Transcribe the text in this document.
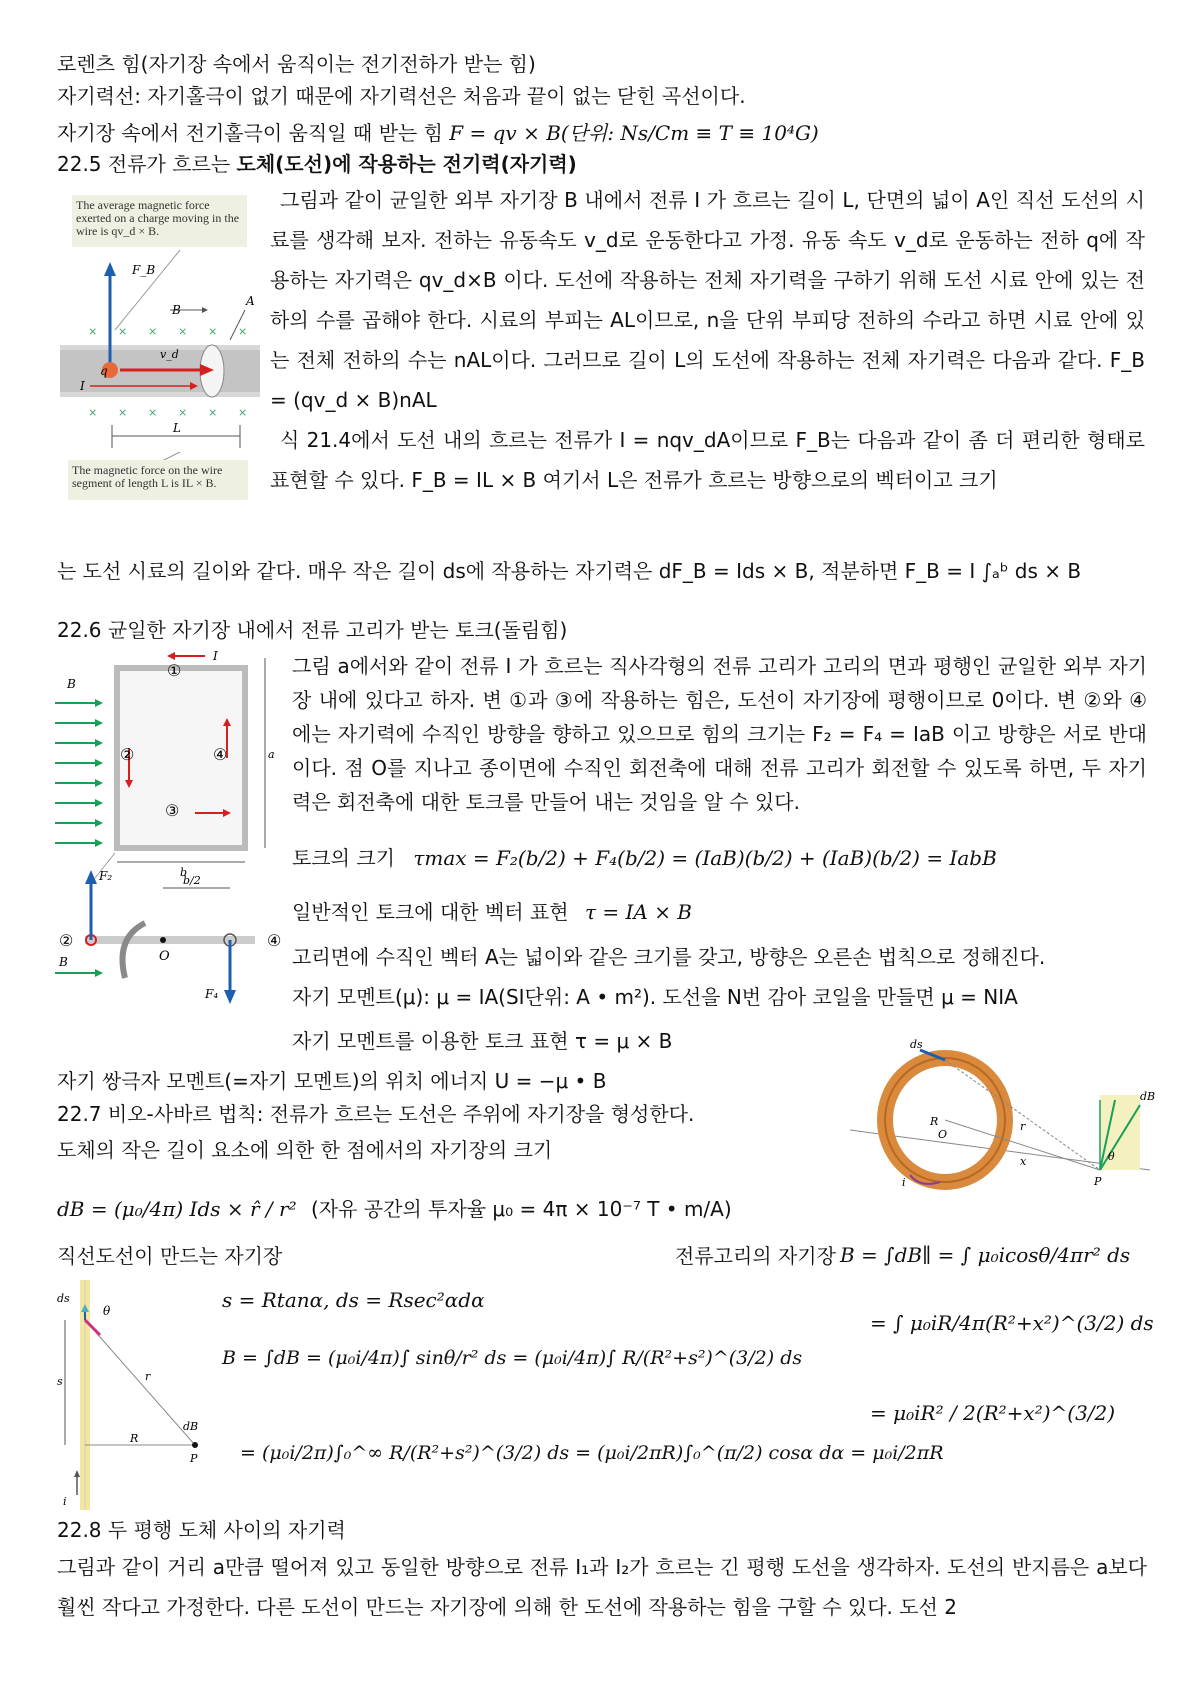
로렌츠 힘(자기장 속에서 움직이는 전기전하가 받는 힘)
자기력선: 자기홀극이 없기 때문에 자기력선은 처음과 끝이 없는 닫힌 곡선이다.
자기장 속에서 전기홀극이 움직일 때 받는 힘 F = qv × B(단위: Ns/Cm ≡ T ≡ 10⁴G)
22.5 전류가 흐르는 도체(도선)에 작용하는 전기력(자기력)
The average magnetic force exerted on a charge moving in the wire is qv_d × B.
× × × × × ×
× × × × × ×
F_B
q
v_d
I
A
B
L
The magnetic force on the wire segment of length L is IL × B.
그림과 같이 균일한 외부 자기장 B 내에서 전류 I 가 흐르는 길이 L, 단면의 넓이 A인 직선 도선의 시료를 생각해 보자. 전하는 유동속도 v_d로 운동한다고 가정. 유동 속도 v_d로 운동하는 전하 q에 작용하는 자기력은 qv_d×B 이다. 도선에 작용하는 전체 자기력을 구하기 위해 도선 시료 안에 있는 전하의 수를 곱해야 한다. 시료의 부피는 AL이므로, n을 단위 부피당 전하의 수라고 하면 시료 안에 있는 전체 전하의 수는 nAL이다. 그러므로 길이 L의 도선에 작용하는 전체 자기력은 다음과 같다. F_B = (qv_d × B)nAL
식 21.4에서 도선 내의 흐르는 전류가 I = nqv_dA이므로 F_B는 다음과 같이 좀 더 편리한 형태로 표현할 수 있다. F_B = IL × B 여기서 L은 전류가 흐르는 방향으로의 벡터이고 크기
는 도선 시료의 길이와 같다. 매우 작은 길이 ds에 작용하는 자기력은 dF_B = Ids × B, 적분하면 F_B = I ∫ₐᵇ ds × B
22.6 균일한 자기장 내에서 전류 고리가 받는 토크(돌림힘)
①
②
③
④
I
B
a
b
b/2
O
F₂
F₄
②	④
B
그림 a에서와 같이 전류 I 가 흐르는 직사각형의 전류 고리가 고리의 면과 평행인 균일한 외부 자기장 내에 있다고 하자. 변 ①과 ③에 작용하는 힘은, 도선이 자기장에 평행이므로 0이다. 변 ②와 ④에는 자기력에 수직인 방향을 향하고 있으므로 힘의 크기는 F₂ = F₄ = IaB 이고 방향은 서로 반대이다. 점 O를 지나고 종이면에 수직인 회전축에 대해 전류 고리가 회전할 수 있도록 하면, 두 자기력은 회전축에 대한 토크를 만들어 내는 것임을 알 수 있다.
토크의 크기 τmax = F₂(b/2) + F₄(b/2) = (IaB)(b/2) + (IaB)(b/2) = IabB
일반적인 토크에 대한 벡터 표현 τ = IA × B
고리면에 수직인 벡터 A는 넓이와 같은 크기를 갖고, 방향은 오른손 법칙으로 정해진다.
자기 모멘트(μ): μ = IA(SI단위: A • m²). 도선을 N번 감아 코일을 만들면 μ = NIA
자기 모멘트를 이용한 토크 표현 τ = μ × B
자기 쌍극자 모멘트(=자기 모멘트)의 위치 에너지 U = −μ • B
22.7 비오-사바르 법칙: 전류가 흐르는 도선은 주위에 자기장을 형성한다.
도체의 작은 길이 요소에 의한 한 점에서의 자기장의 크기
dB = (μ₀/4π) Ids × r̂ / r² (자유 공간의 투자율 μ₀ = 4π × 10⁻⁷ T • m/A)
R
O
ds
x
r
P
dB
θ
i
직선도선이 만드는 자기장	전류고리의 자기장 B = ∫dB∥ = ∫ μ₀icosθ/4πr² ds
ds
θ
r
s
R
P
dB
i
s = Rtanα, ds = Rsec²αdα
B = ∫dB = (μ₀i/4π)∫ sinθ/r² ds = (μ₀i/4π)∫ R/(R²+s²)^(3/2) ds
= (μ₀i/2π)∫₀^∞ R/(R²+s²)^(3/2) ds = (μ₀i/2πR)∫₀^(π/2) cosα dα = μ₀i/2πR
= ∫ μ₀iR/4π(R²+x²)^(3/2) ds
= μ₀iR² / 2(R²+x²)^(3/2)
22.8 두 평행 도체 사이의 자기력
그림과 같이 거리 a만큼 떨어져 있고 동일한 방향으로 전류 I₁과 I₂가 흐르는 긴 평행 도선을 생각하자. 도선의 반지름은 a보다 훨씬 작다고 가정한다. 다른 도선이 만드는 자기장에 의해 한 도선에 작용하는 힘을 구할 수 있다. 도선 2
